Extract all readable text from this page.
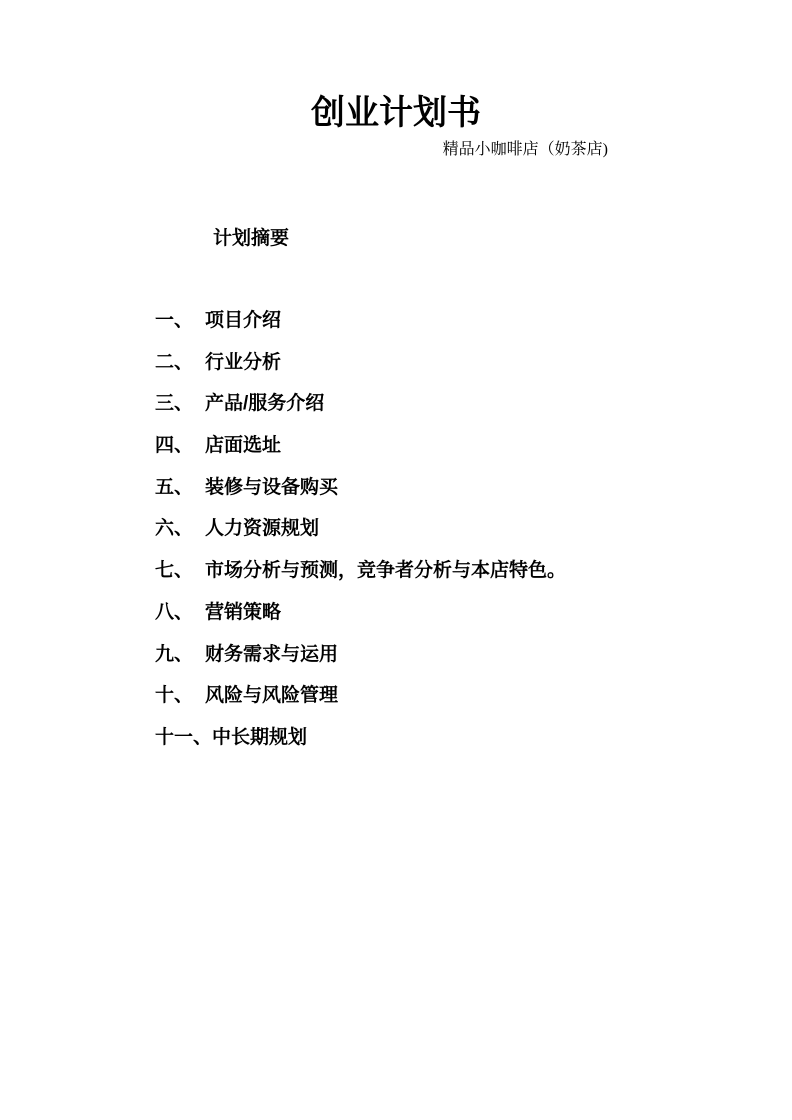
创业计划书

精品小咖啡店（奶茶店)

计划摘要
一、 项目介绍
二、 行业分析
三、 产品/服务介绍
四、 店面选址
五、 装修与设备购买
六、 人力资源规划
七、 市场分析与预测，竞争者分析与本店特色。
八、 营销策略
九、 财务需求与运用
十、 风险与风险管理
十一、 中长期规划
